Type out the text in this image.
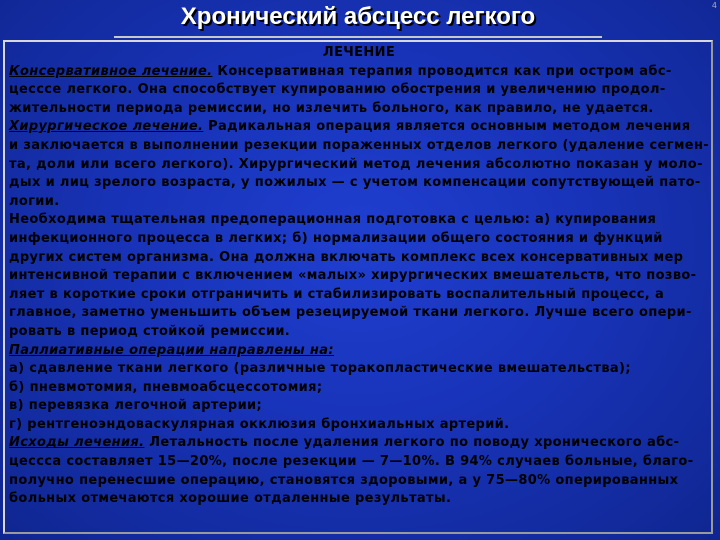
Хронический абсцесс легкого	4
ЛЕЧЕНИЕ
Консервативное лечение. Консервативная терапия проводится как при остром абс-
цесссе легкого. Она способствует купированию обострения и увеличению продол-
жительности периода ремиссии, но излечить больного, как правило, не удается.
Хирургическое лечение. Радикальная операция является основным методом лечения
и заключается в выполнении резекции пораженных отделов легкого (удаление сегмен-
та, доли или всего легкого). Хирургический метод лечения абсолютно показан у моло-
дых и лиц зрелого возраста, у пожилых — с учетом компенсации сопутствующей пато-
логии.
Необходима тщательная предоперационная подготовка с целью: а) купирования
инфекционного процесса в легких; б) нормализации общего состояния и функций
других систем организма. Она должна включать комплекс всех консервативных мер
интенсивной терапии с включением «малых» хирургических вмешательств, что позво-
ляет в короткие сроки отграничить и стабилизировать воспалительный процесс, а
главное, заметно уменьшить объем резецируемой ткани легкого. Лучше всего опери-
ровать в период стойкой ремиссии.
Паллиативные операции направлены на:
а) сдавление ткани легкого (различные торакопластические вмешательства);
б) пневмотомия, пневмоабсцессотомия;
в) перевязка легочной артерии;
г) рентгеноэндоваскулярная окклюзия бронхиальных артерий.
Исходы лечения. Летальность после удаления легкого по поводу хронического абс-
цессса составляет 15—20%, после резекции — 7—10%. В 94% случаев больные, благо-
получно перенесшие операцию, становятся здоровыми, а у 75—80% оперированных
больных отмечаются хорошие отдаленные результаты.
